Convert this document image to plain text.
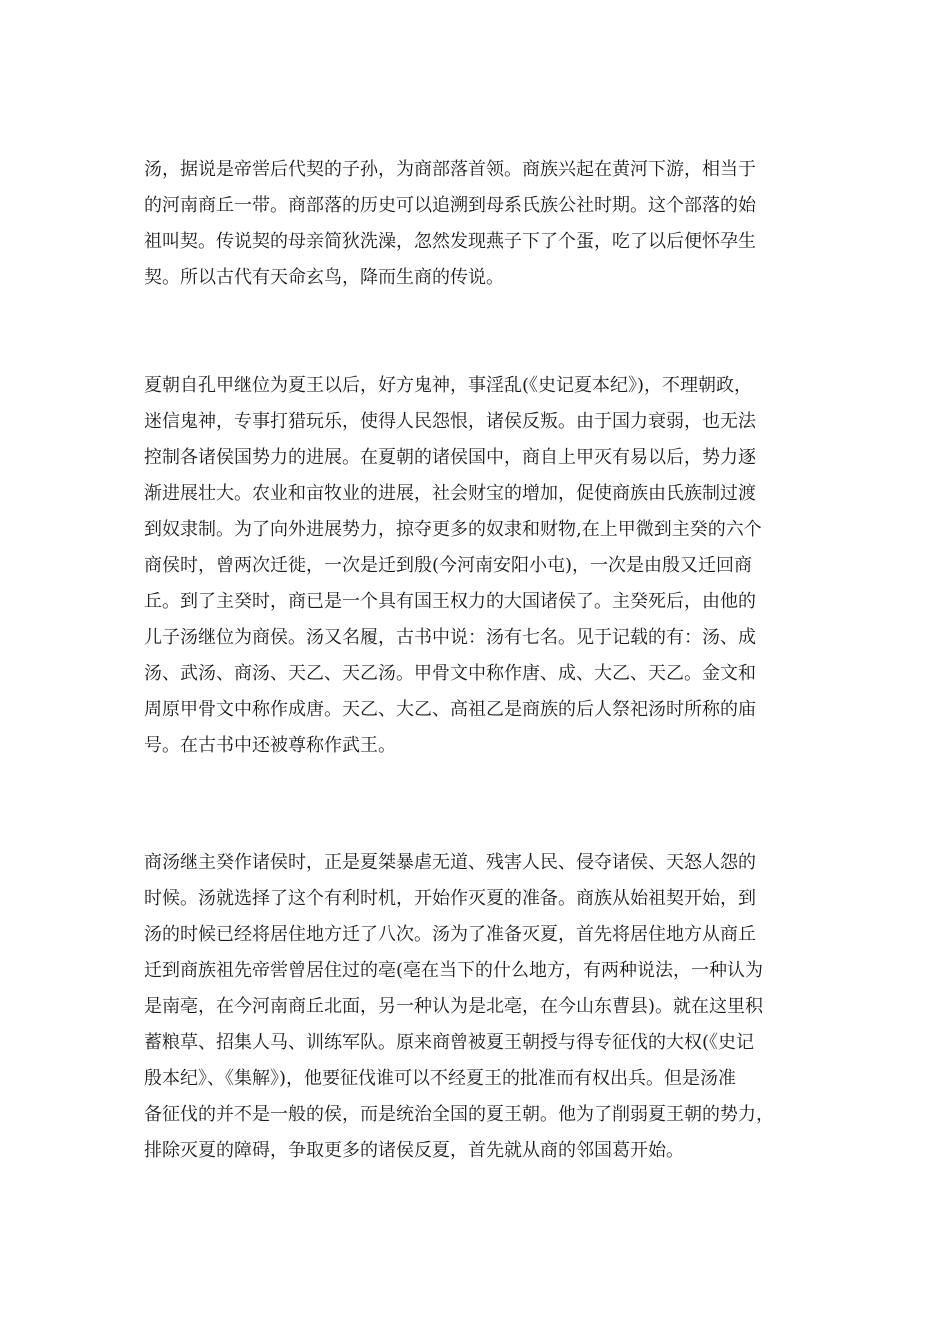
汤，据说是帝喾后代契的子孙，为商部落首领。商族兴起在黄河下游，相当于
的河南商丘一带。商部落的历史可以追溯到母系氏族公社时期。这个部落的始
祖叫契。传说契的母亲简狄洗澡，忽然发现燕子下了个蛋，吃了以后便怀孕生
契。所以古代有天命玄鸟，降而生商的传说。
夏朝自孔甲继位为夏王以后，好方鬼神，事淫乱(《史记夏本纪》)，不理朝政，
迷信鬼神，专事打猎玩乐，使得人民怨恨，诸侯反叛。由于国力衰弱，也无法
控制各诸侯国势力的进展。在夏朝的诸侯国中，商自上甲灭有易以后，势力逐
渐进展壮大。农业和亩牧业的进展，社会财宝的增加，促使商族由氏族制过渡
到奴隶制。为了向外进展势力，掠夺更多的奴隶和财物,在上甲微到主癸的六个
商侯时，曾两次迁徙，一次是迁到殷(今河南安阳小屯)，一次是由殷又迁回商
丘。到了主癸时，商已是一个具有国王权力的大国诸侯了。主癸死后，由他的
儿子汤继位为商侯。汤又名履，古书中说：汤有七名。见于记载的有：汤、成
汤、武汤、商汤、天乙、天乙汤。甲骨文中称作唐、成、大乙、天乙。金文和
周原甲骨文中称作成唐。天乙、大乙、高祖乙是商族的后人祭祀汤时所称的庙
号。在古书中还被尊称作武王。
商汤继主癸作诸侯时，正是夏桀暴虐无道、残害人民、侵夺诸侯、天怒人怨的
时候。汤就选择了这个有利时机，开始作灭夏的准备。商族从始祖契开始，到
汤的时候已经将居住地方迁了八次。汤为了准备灭夏，首先将居住地方从商丘
迁到商族祖先帝喾曾居住过的亳(亳在当下的什么地方，有两种说法，一种认为
是南亳，在今河南商丘北面，另一种认为是北亳，在今山东曹县)。就在这里积
蓄粮草、招集人马、训练军队。原来商曾被夏王朝授与得专征伐的大权(《史记
殷本纪》、《集解》)，他要征伐谁可以不经夏王的批准而有权出兵。但是汤准
备征伐的并不是一般的侯，而是统治全国的夏王朝。他为了削弱夏王朝的势力，
排除灭夏的障碍，争取更多的诸侯反夏，首先就从商的邻国葛开始。
